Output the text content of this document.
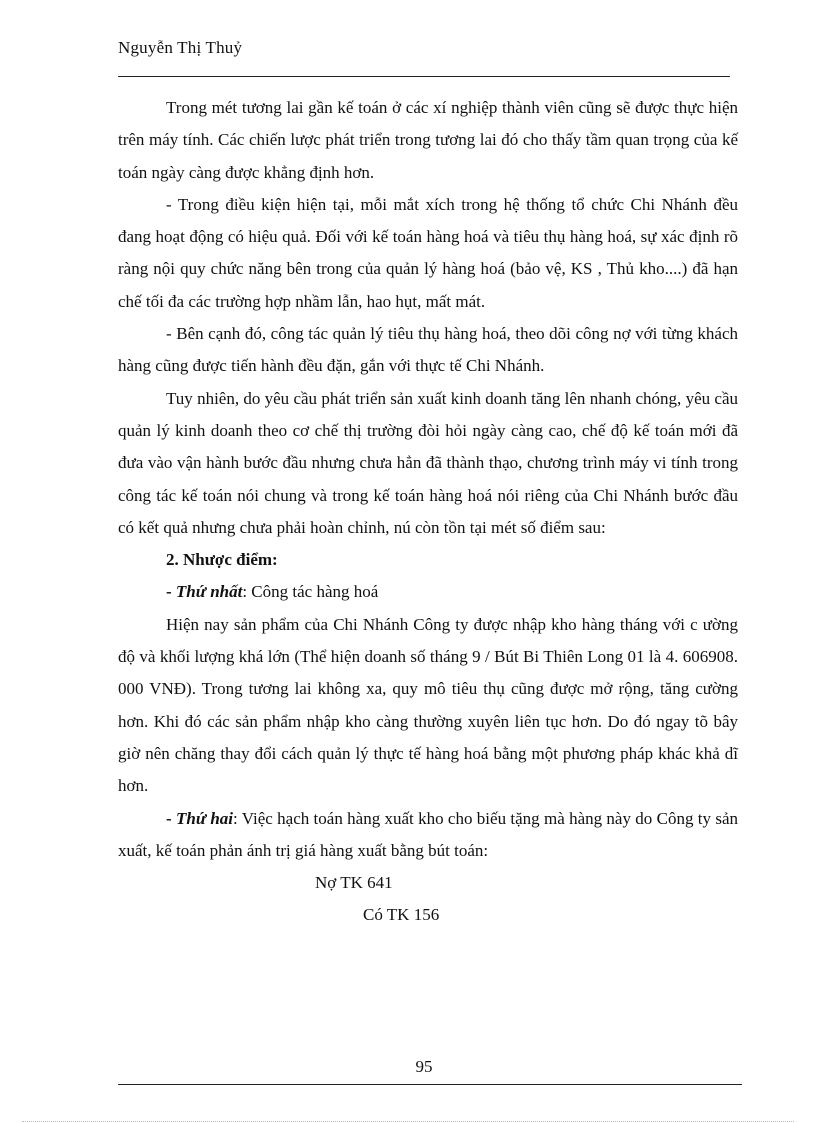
Nguyễn Thị Thuỷ

Trong mét tương lai gần kế toán ở các xí nghiệp thành viên cũng sẽ được thực hiện trên máy tính. Các chiến lược phát triển trong tương lai đó cho thấy tầm quan trọng của kế toán ngày càng được khẳng định hơn.

- Trong điều kiện hiện tại, mỗi mắt xích trong hệ thống tổ chức Chi Nhánh đều đang hoạt động có hiệu quả. Đối với kế toán hàng hoá và tiêu thụ hàng hoá, sự xác định rõ ràng nội quy chức năng bên trong của quản lý hàng hoá (bảo vệ, KS , Thủ kho....) đã hạn chế tối đa các trường hợp nhầm lẫn, hao hụt, mất mát.

- Bên cạnh đó, công tác quản lý tiêu thụ hàng hoá, theo dõi công nợ với từng khách hàng cũng được tiến hành đều đặn, gắn với thực tế Chi Nhánh.

Tuy nhiên, do yêu cầu phát triển sản xuất kinh doanh tăng lên nhanh chóng, yêu cầu quản lý kinh doanh theo cơ chế thị trường đòi hỏi ngày càng cao, chế độ kế toán mới đã đưa vào vận hành bước đầu nhưng chưa hẳn đã thành thạo, chương trình máy vi tính trong công tác kế toán nói chung và trong kế toán hàng hoá nói riêng của Chi Nhánh bước đầu có kết quả nhưng chưa phải hoàn chỉnh, nú còn tồn tại mét số điểm sau:

2. Nhược điểm:

- Thứ nhất: Công tác hàng hoá

Hiện nay sản phẩm của Chi Nhánh Công ty được nhập kho hàng tháng với c ường độ và khối lượng khá lớn (Thể hiện doanh số tháng 9 / Bút Bi Thiên Long 01 là 4. 606908. 000 VNĐ). Trong tương lai không xa, quy mô tiêu thụ cũng được mở rộng, tăng cường hơn. Khi đó các sản phẩm nhập kho càng thường xuyên liên tục hơn. Do đó ngay tõ bây giờ nên chăng thay đổi cách quản lý thực tế hàng hoá bằng một phương pháp khác khả dĩ hơn.

- Thứ hai: Việc hạch toán hàng xuất kho cho biếu tặng mà hàng này do Công ty sản xuất, kế toán phản ánh trị giá hàng xuất bằng bút toán:

Nợ TK 641

Có TK 156

95
